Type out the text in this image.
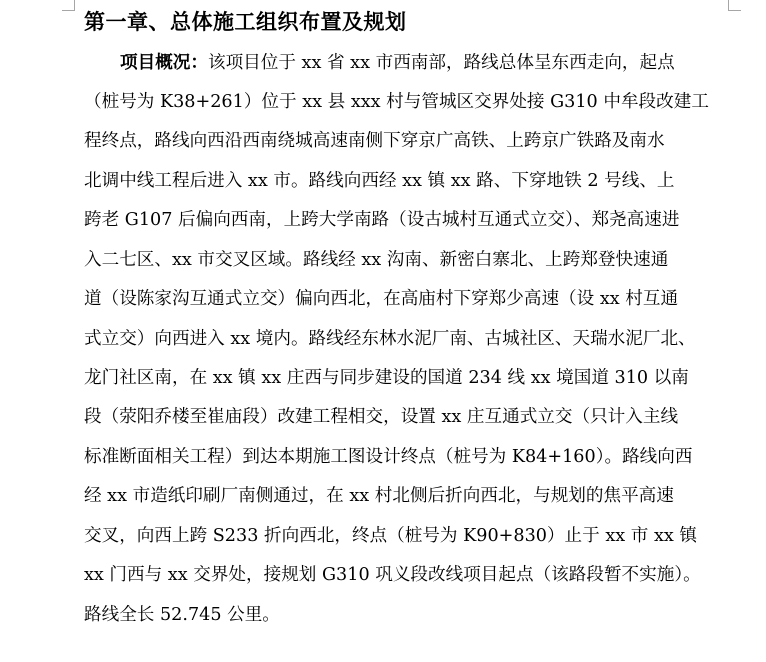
第一章、总体施工组织布置及规划
项目概况：该项目位于 xx 省 xx 市西南部，路线总体呈东西走向，起点
（桩号为 K38+261）位于 xx 县 xxx 村与管城区交界处接 G310 中牟段改建工
程终点，路线向西沿西南绕城高速南侧下穿京广高铁、上跨京广铁路及南水
北调中线工程后进入 xx 市。路线向西经 xx 镇 xx 路、下穿地铁 2 号线、上
跨老 G107 后偏向西南，上跨大学南路（设古城村互通式立交）、郑尧高速进
入二七区、xx 市交叉区域。路线经 xx 沟南、新密白寨北、上跨郑登快速通
道（设陈家沟互通式立交）偏向西北，在高庙村下穿郑少高速（设 xx 村互通
式立交）向西进入 xx 境内。路线经东林水泥厂南、古城社区、天瑞水泥厂北、
龙门社区南，在 xx 镇 xx 庄西与同步建设的国道 234 线 xx 境国道 310 以南
段（荥阳乔楼至崔庙段）改建工程相交，设置 xx 庄互通式立交（只计入主线
标准断面相关工程）到达本期施工图设计终点（桩号为 K84+160）。路线向西
经 xx 市造纸印刷厂南侧通过，在 xx 村北侧后折向西北，与规划的焦平高速
交叉，向西上跨 S233 折向西北，终点（桩号为 K90+830）止于 xx 市 xx 镇
xx 门西与 xx 交界处，接规划 G310 巩义段改线项目起点（该路段暂不实施）。
路线全长 52.745 公里。
